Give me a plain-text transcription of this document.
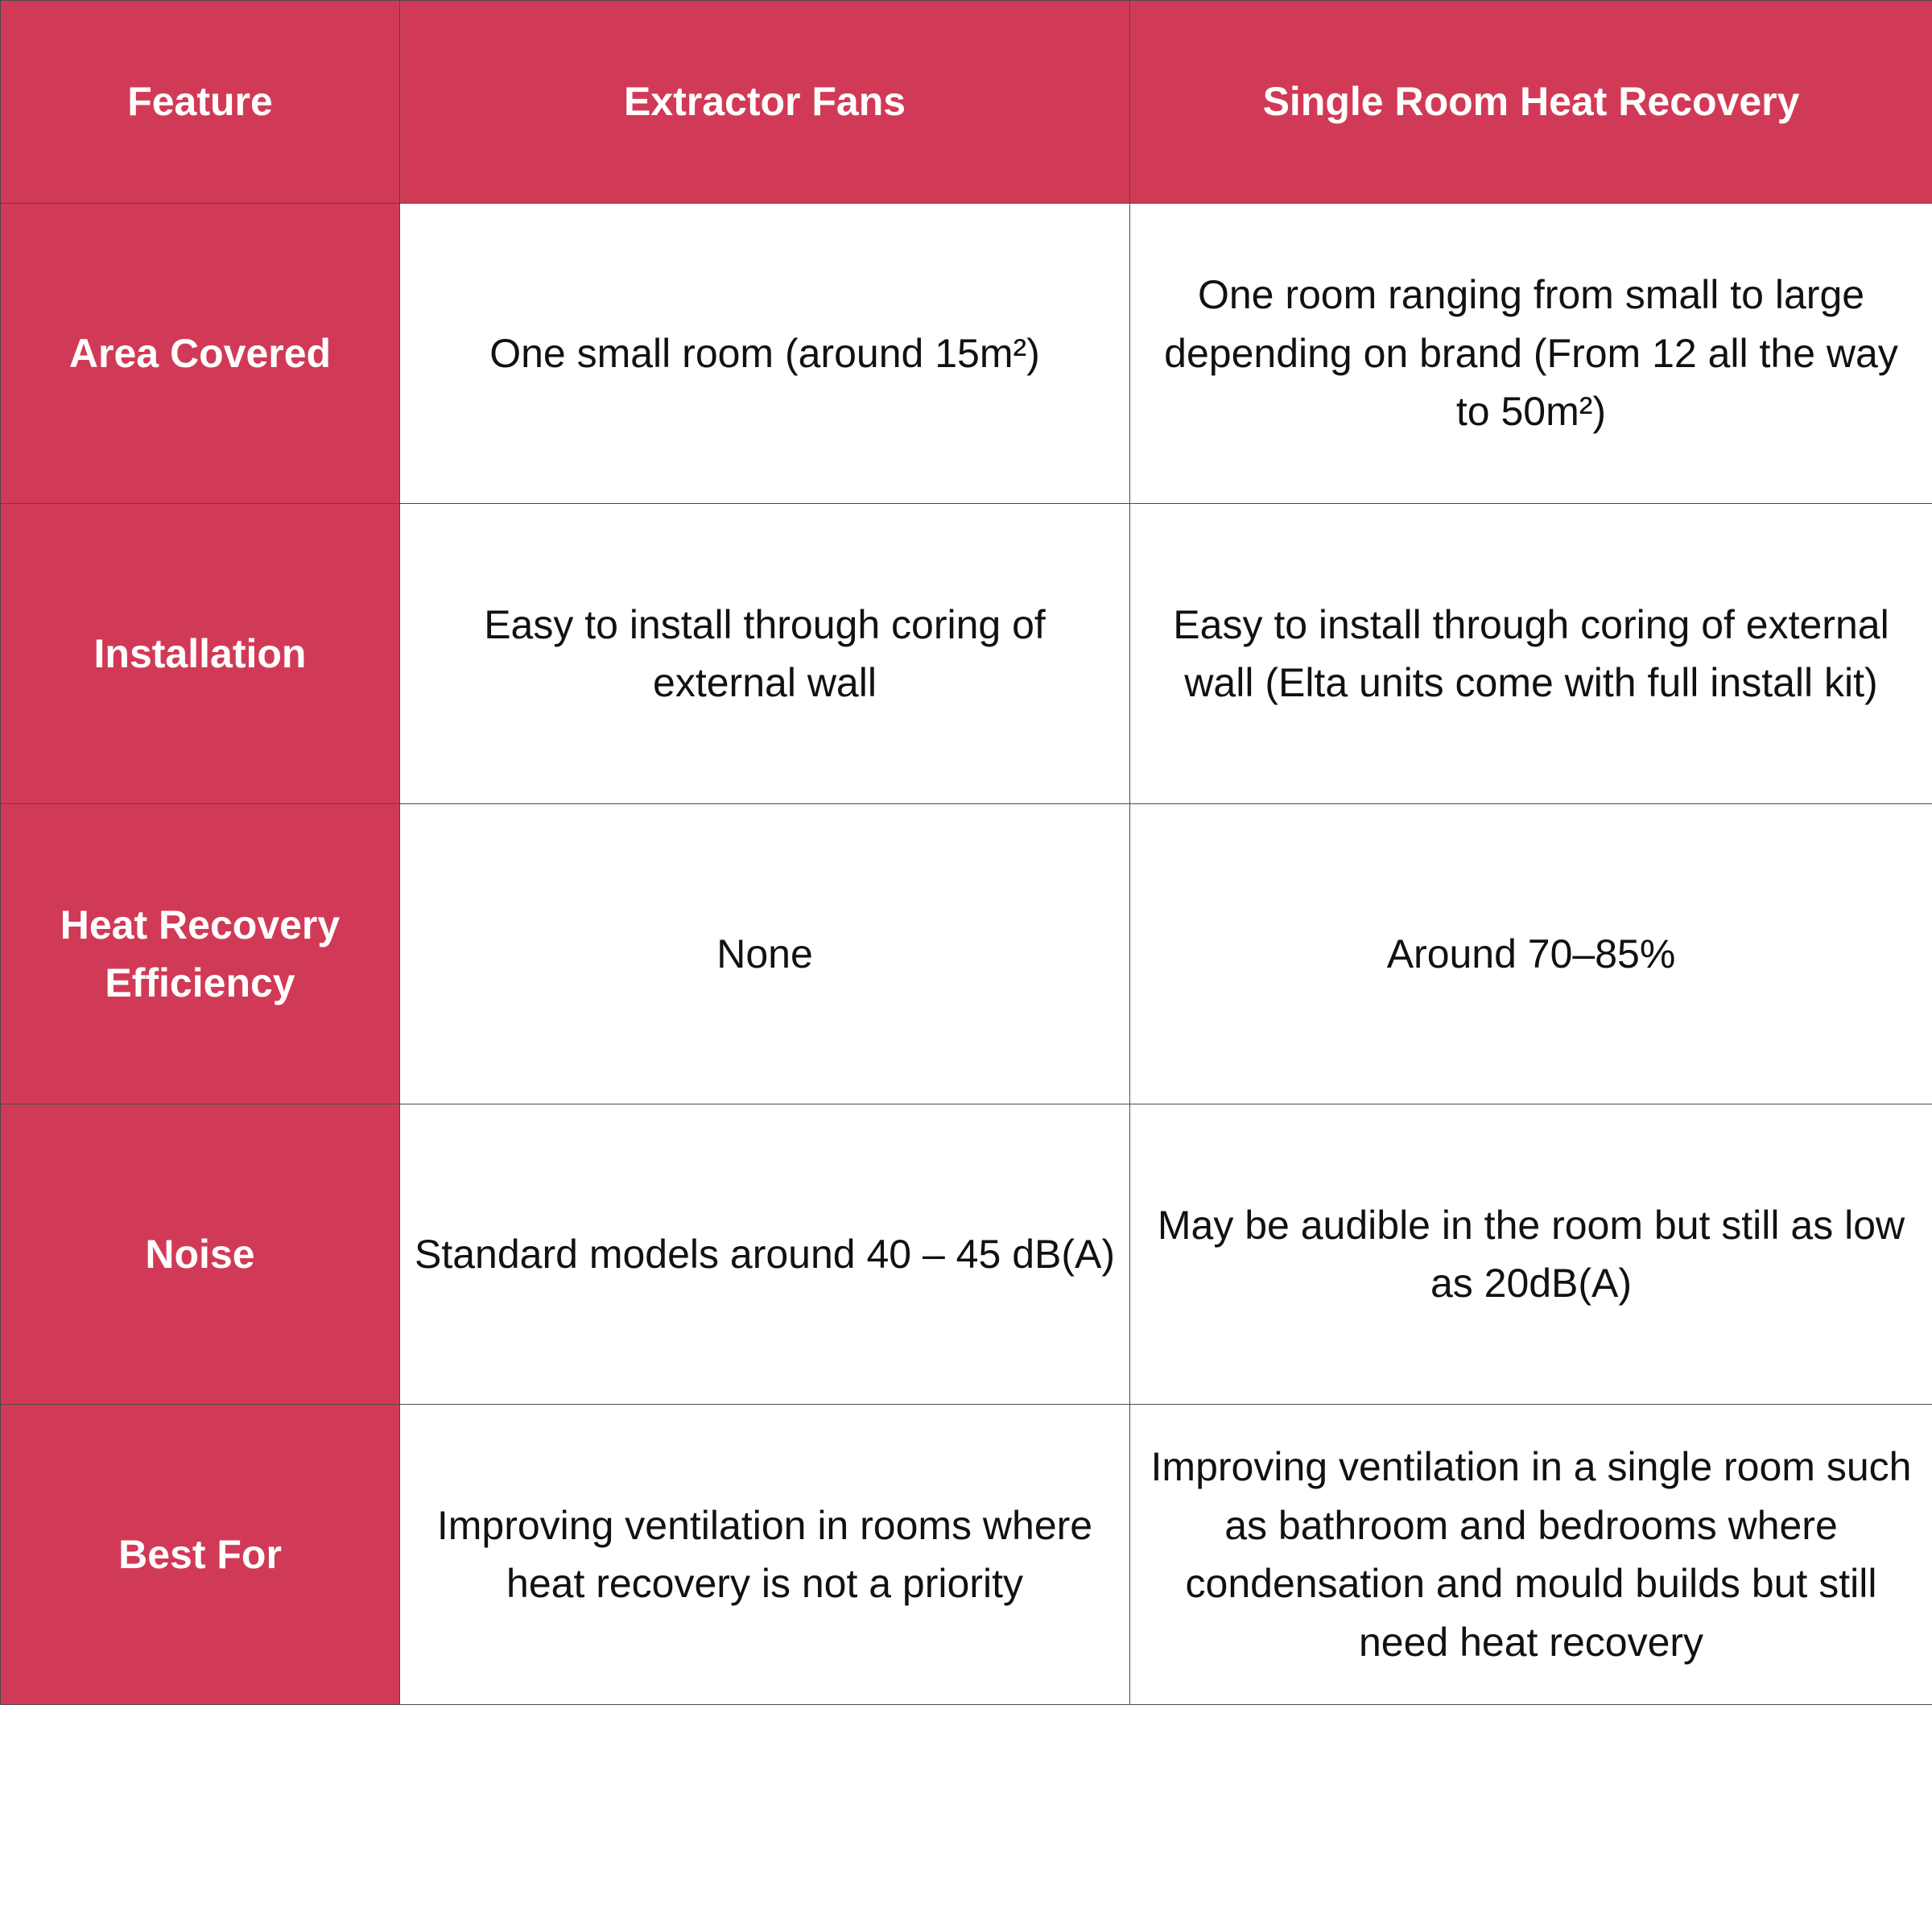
Feature	Extractor Fans	Single Room Heat Recovery
Area Covered	One small room (around 15m²)	One room ranging from small to large depending on brand (From 12 all the way to 50m²)
Installation	Easy to install through coring of external wall	Easy to install through coring of external wall (Elta units come with full install kit)
Heat Recovery Efficiency	None	Around 70–85%
Noise	Standard models around 40 – 45 dB(A)	May be audible in the room but still as low as 20dB(A)
Best For	Improving ventilation in rooms where heat recovery is not a priority	Improving ventilation in a single room such as bathroom and bedrooms where condensation and mould builds but still need heat recovery
